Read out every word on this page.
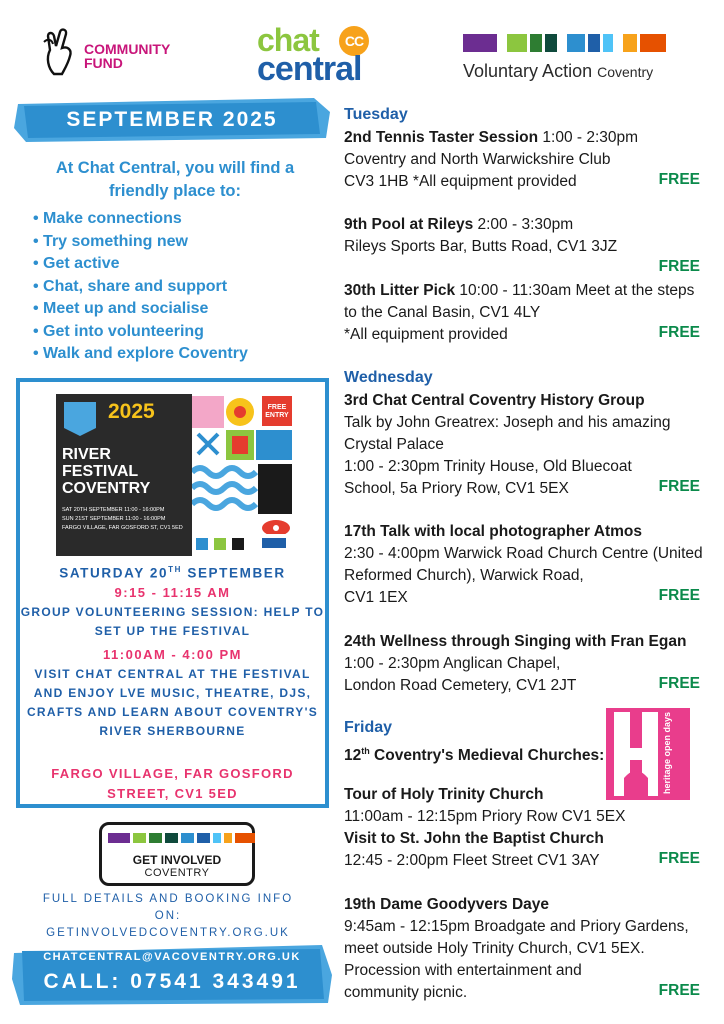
COMMUNITY
FUND
chat	CC
central	Voluntary Action Coventry
SEPTEMBER 2025
At Chat Central, you will find a friendly place to:
• Make connections
• Try something new
• Get active
• Chat, share and support
• Meet up and socialise
• Get into volunteering
• Walk and explore Coventry
2025
RIVER
FESTIVAL
COVENTRY
SAT 20TH SEPTEMBER 11:00 - 16:00PM
SUN 21ST SEPTEMBER 11:00 - 16:00PM
FARGO VILLAGE, FAR GOSFORD ST, CV1 5ED
FREE
ENTRY
SATURDAY 20TH SEPTEMBER
9:15 - 11:15 AM
GROUP VOLUNTEERING SESSION: HELP TO SET UP THE FESTIVAL
11:00AM - 4:00 PM
VISIT CHAT CENTRAL AT THE FESTIVAL AND ENJOY LVE MUSIC, THEATRE, DJS, CRAFTS AND LEARN ABOUT COVENTRY'S RIVER SHERBOURNE
FARGO VILLAGE, FAR GOSFORD STREET, CV1 5ED
GET INVOLVED
COVENTRY
FULL DETAILS AND BOOKING INFO ON:
GETINVOLVEDCOVENTRY.ORG.UK
CHATCENTRAL@VACOVENTRY.ORG.UK
CALL: 07541 343491
Tuesday
2nd Tennis Taster Session 1:00 - 2:30pm
Coventry and North Warwickshire Club
CV3 1HB *All equipment provided	FREE
9th Pool at Rileys 2:00 - 3:30pm
Rileys Sports Bar, Butts Road, CV1 3JZ
FREE
30th Litter Pick 10:00 - 11:30am Meet at the steps to the Canal Basin, CV1 4LY
*All equipment provided	FREE
Wednesday
3rd Chat Central Coventry History Group
Talk by John Greatrex: Joseph and his amazing Crystal Palace
1:00 - 2:30pm Trinity House, Old Bluecoat
School, 5a Priory Row, CV1 5EX	FREE
17th Talk with local photographer Atmos
2:30 - 4:00pm Warwick Road Church Centre (United Reformed Church), Warwick Road,
CV1 1EX	FREE
24th Wellness through Singing with Fran Egan 1:00 - 2:30pm Anglican Chapel,
London Road Cemetery, CV1 2JT	FREE
Friday	heritage open days
12th Coventry's Medieval Churches:
Tour of Holy Trinity Church
11:00am - 12:15pm Priory Row CV1 5EX
Visit to St. John the Baptist Church
12:45 - 2:00pm Fleet Street CV1 3AY	FREE
19th Dame Goodyvers Daye
9:45am - 12:15pm Broadgate and Priory Gardens, meet outside Holy Trinity Church, CV1 5EX. Procession with entertainment and
community picnic.	FREE
